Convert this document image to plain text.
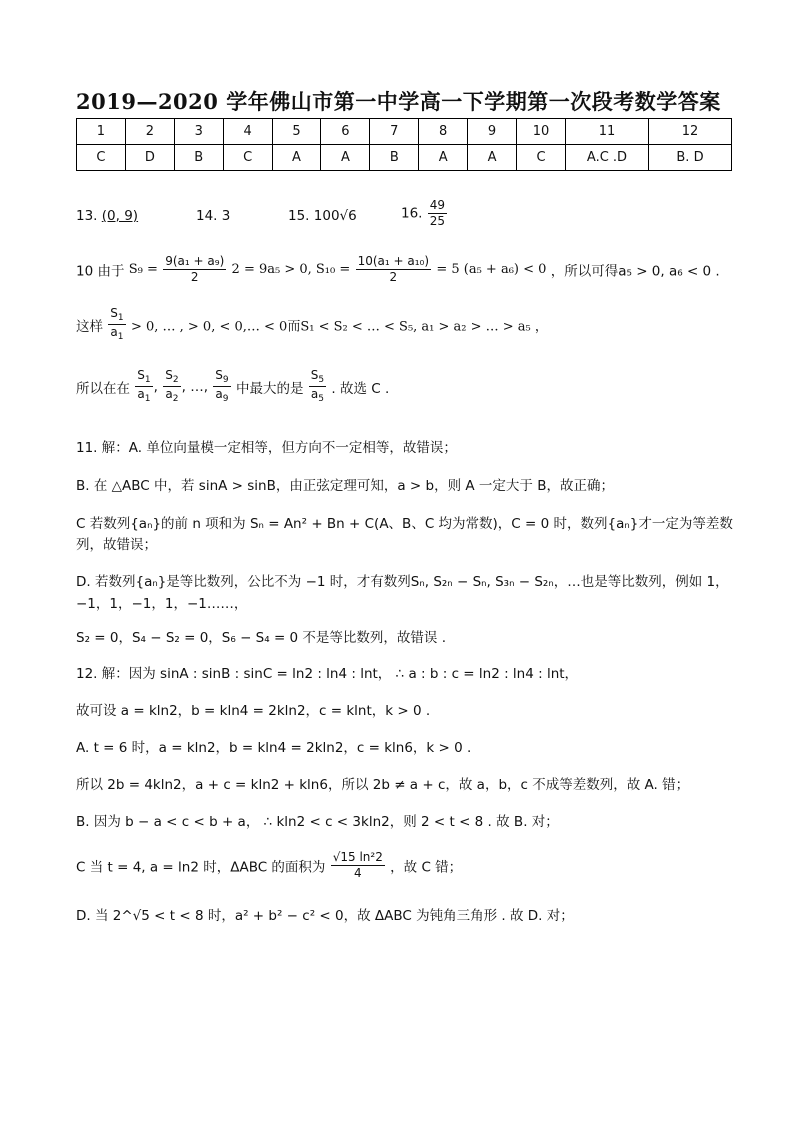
2019—2020 学年佛山市第一中学高一下学期第一次段考数学答案
1	2	3	4	5	6	7	8	9	10	11	12
C	D	B	C	A	A	B	A	A	C	A.C .D	B. D
13. (0, 9)	14. 3	15. 100√6	16. $\frac{49}{25}$
10 由于 $S_9 = \frac{\text{9(a₁ + a₉)}}{2} 2 = 9a_5 > 0$, $S_{10} = \frac{\text{10(a₁ + a₁₀)}}{2} = 5$ (a₅ + a₆) < 0 ，所以可得a₅ > 0, a₆ < 0 .
这样 $\frac{S_1}{a_1} > 0$, … , > 0, < 0,… < 0而S₁ < S₂ < … < S₅, a₁ > a₂ > … > a₅ ，
所以在在 $\frac{S_1}{a_1}$ , $\frac{S_2}{a_2}$ , …, $\frac{S_9}{a_9}$ 中最大的是 $\frac{S_5}{a_5}$ . 故选 C .
11. 解：A. 单位向量模一定相等，但方向不一定相等，故错误；
B. 在 △ABC 中，若 sinA > sinB，由正弦定理可知，a > b，则 A 一定大于 B，故正确；
C 若数列{aₙ}的前 n 项和为 Sₙ = An² + Bn + C(A、B、C 均为常数)，C = 0 时，数列{aₙ}才一定为等差数
列，故错误；
D. 若数列{aₙ}是等比数列，公比不为 −1 时，才有数列Sₙ, S₂ₙ − Sₙ, S₃ₙ − S₂ₙ，…也是等比数列，例如 1，
−1，1，−1，1，−1……，
S₂ = 0，S₄ − S₂ = 0，S₆ − S₄ = 0 不是等比数列，故错误 .
12. 解：因为 sinA : sinB : sinC = ln2 : ln4 : lnt， ∴ a : b : c = ln2 : ln4 : lnt，
故可设 a = kln2，b = kln4 = 2kln2，c = klnt，k > 0 .
A. t = 6 时，a = kln2，b = kln4 = 2kln2，c = kln6，k > 0 .
所以 2b = 4kln2，a + c = kln2 + kln6，所以 2b ≠ a + c，故 a，b，c 不成等差数列，故 A. 错；
B. 因为 b − a < c < b + a， ∴ kln2 < c < 3kln2，则 2 < t < 8 . 故 B. 对；
C 当 t = 4, a = ln2 时，ΔABC 的面积为 $\frac{\text{√15 ln²2}}{4}$ ，故 C 错；
D. 当 2^√5 < t < 8 时，a² + b² − c² < 0，故 ΔABC 为钝角三角形 . 故 D. 对；
